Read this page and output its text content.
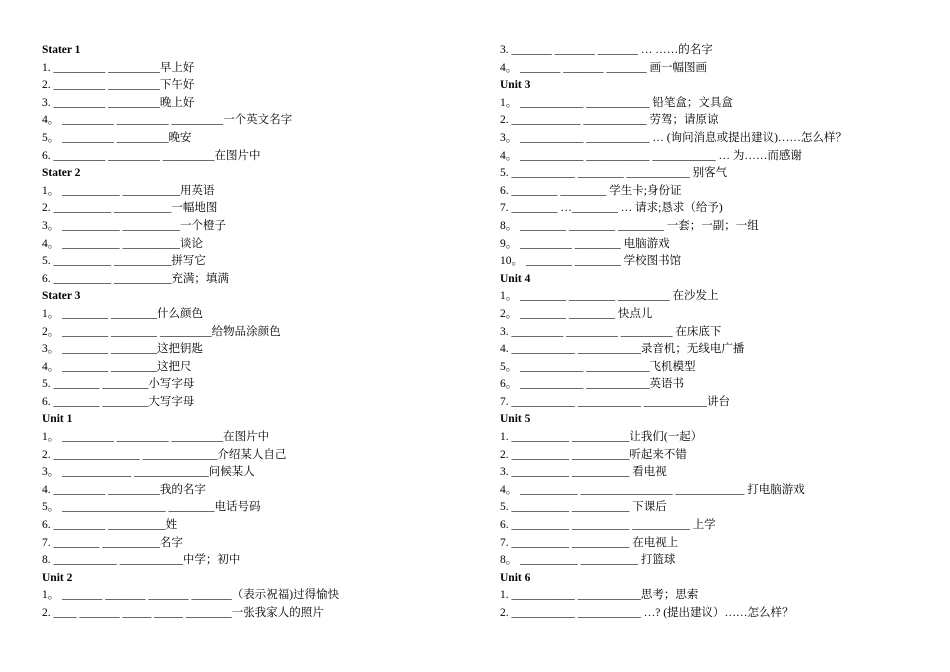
Stater 1
1. _________ _________早上好
2. _________ _________下午好
3. _________ _________晚上好
4。 _________ _________ _________一个英文名字
5。 _________ _________晚安
6. _________ _________ _________在图片中
Stater 2
1。 __________ __________用英语
2. __________ __________一幅地图
3。 __________ __________一个橙子
4。 __________ __________谈论
5. __________ __________拼写它
6. __________ __________充满；填满
Stater 3
1。 ________ ________什么颜色
2。 ________ ________ _________给物品涂颜色
3。 ________ ________这把钥匙
4。 ________ ________这把尺
5. ________ ________小写字母
6. ________ ________大写字母
Unit 1
1。 _________ _________ _________在图片中
2. _______________ _____________介绍某人自己
3。 ____________ _____________问候某人
4. _________ _________我的名字
5。 __________________ ________电话号码
6. _________ __________姓
7. ________ __________名字
8. ___________ ___________中学；初中
Unit 2
1。 _______ _______ _______ _______（表示祝福)过得愉快
2. ____ _______ _____ _____ ________一张我家人的照片
3. _______ _______ _______ … ……的名字
4。 _______ _______ _______ 画一幅图画
Unit 3
1。 ___________ ___________ 铅笔盒；文具盒
2. ____________ ___________ 劳驾；请原谅
3。 ___________ ___________ … (询问消息或提出建议)……怎么样？
4。 ___________ ___________ ___________ … 为……而感谢
5. ___________ ________ ___________ 别客气
6. ________ ________ 学生卡;身份证
7. ________ …________ … 请求;恳求（给予)
8。 ________ ________ ________ 一套；一副；一组
9。 _________ ________ 电脑游戏
10。 ________ ________ 学校图书馆
Unit 4
1。 ________ ________ _________ 在沙发上
2。 ________ ________ 快点儿
3. _________ _________ _________ 在床底下
4. ___________ ___________录音机；无线电广播
5。 ___________ ___________飞机模型
6。 ___________ ___________英语书
7. ___________ ___________ ___________讲台
Unit 5
1. __________ __________让我们(一起）
2. __________ __________听起来不错
3. __________ __________ 看电视
4。 __________ ________________ ____________ 打电脑游戏
5. __________ __________ 下课后
6. __________ __________ __________ 上学
7. __________ __________ 在电视上
8。 __________ __________ 打篮球
Unit 6
1. ___________ ___________思考；思索
2. ___________ ___________ …? (提出建议）……怎么样？
